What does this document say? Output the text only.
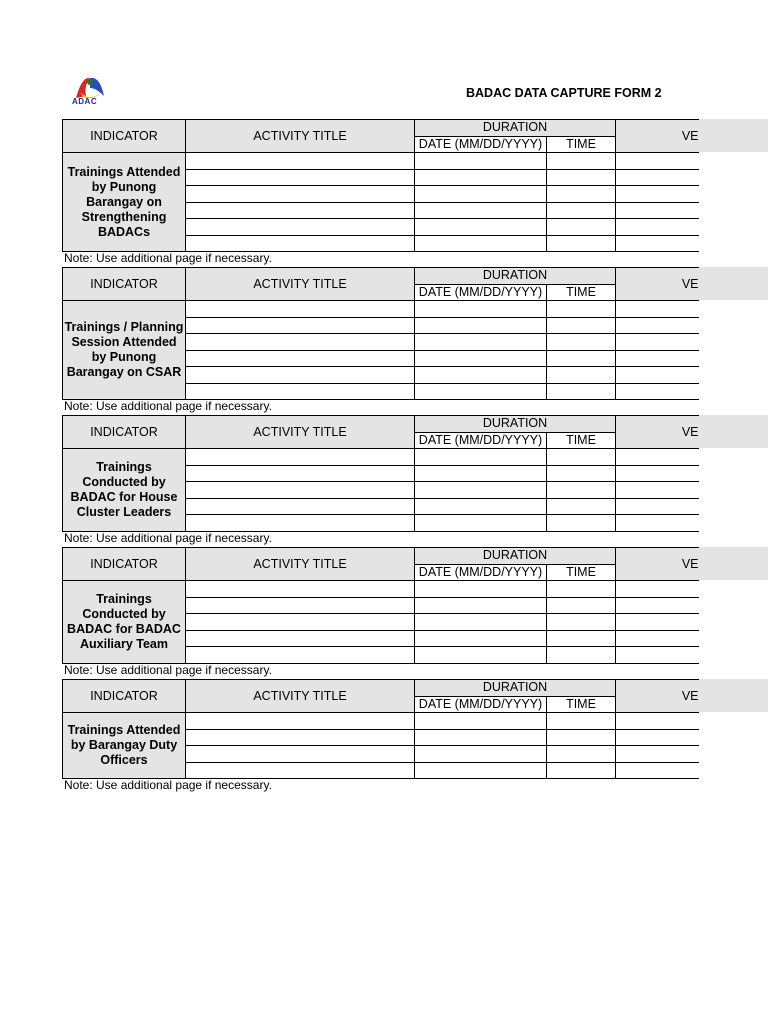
ADAC
BADAC DATA CAPTURE FORM 2
INDICATOR	ACTIVITY TITLE	DURATION		VE
		DATE (MM/DD/YYYY)	TIME	
Trainings Attended by Punong Barangay on Strengthening BADACs				

Note: Use additional page if necessary.
INDICATOR	ACTIVITY TITLE	DURATION		VE
		DATE (MM/DD/YYYY)	TIME	
Trainings / Planning Session Attended by Punong Barangay on CSAR				

Note: Use additional page if necessary.
INDICATOR	ACTIVITY TITLE	DURATION		VE
		DATE (MM/DD/YYYY)	TIME	
Trainings Conducted by BADAC for House Cluster Leaders				

Note: Use additional page if necessary.
INDICATOR	ACTIVITY TITLE	DURATION		VE
		DATE (MM/DD/YYYY)	TIME	
Trainings Conducted by BADAC for BADAC Auxiliary Team				

Note: Use additional page if necessary.
INDICATOR	ACTIVITY TITLE	DURATION		VE
		DATE (MM/DD/YYYY)	TIME	
Trainings Attended by Barangay Duty Officers				

Note: Use additional page if necessary.
